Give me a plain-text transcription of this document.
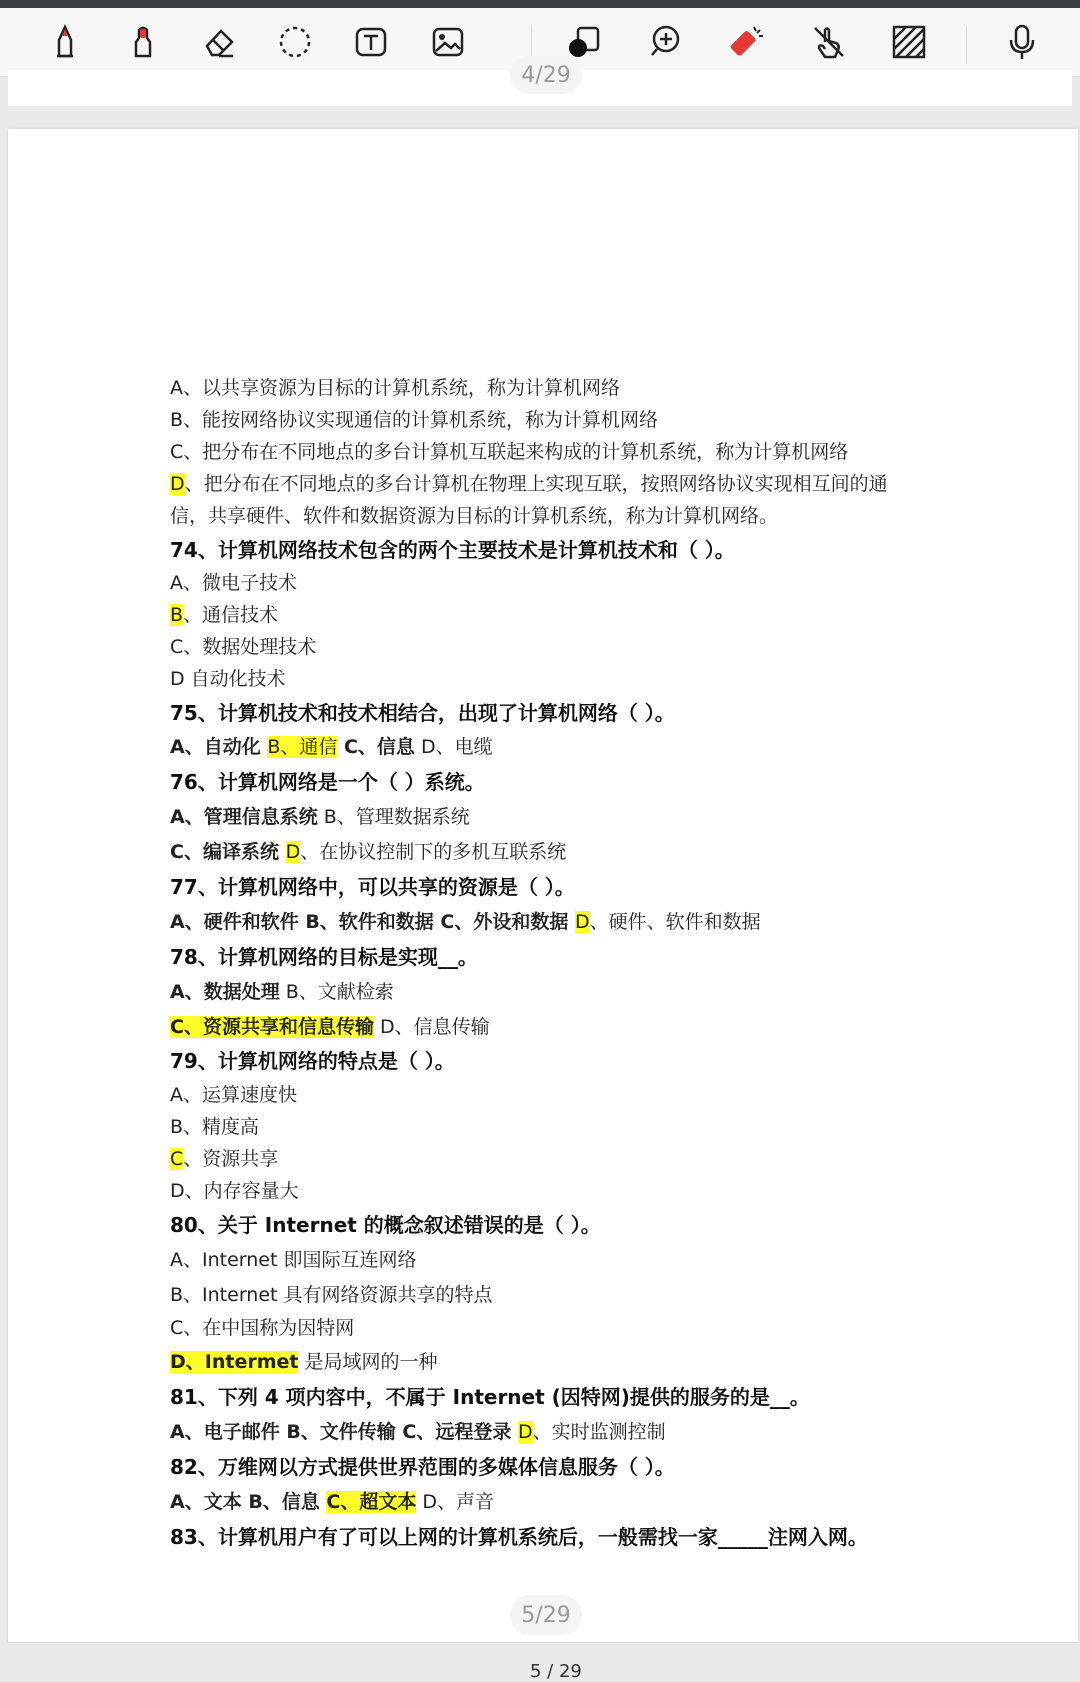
4/29
A、以共享资源为目标的计算机系统，称为计算机网络
B、能按网络协议实现通信的计算机系统，称为计算机网络
C、把分布在不同地点的多台计算机互联起来构成的计算机系统，称为计算机网络
D、把分布在不同地点的多台计算机在物理上实现互联，按照网络协议实现相互间的通
信，共享硬件、软件和数据资源为目标的计算机系统，称为计算机网络。
74、计算机网络技术包含的两个主要技术是计算机技术和（ ）。
A、微电子技术
B、通信技术
C、数据处理技术
D 自动化技术
75、计算机技术和技术相结合，出现了计算机网络（ ）。
A、自动化 B、通信 C、信息 D、电缆
76、计算机网络是一个（ ）系统。
A、管理信息系统 B、管理数据系统
C、编译系统 D、在协议控制下的多机互联系统
77、计算机网络中，可以共享的资源是（ ）。
A、硬件和软件 B、软件和数据 C、外设和数据 D、硬件、软件和数据
78、计算机网络的目标是实现__。
A、数据处理 B、文献检索
C、资源共享和信息传输 D、信息传输
79、计算机网络的特点是（ ）。
A、运算速度快
B、精度高
C、资源共享
D、内存容量大
80、关于 Internet 的概念叙述错误的是（ ）。
A、Internet 即国际互连网络
B、Internet 具有网络资源共享的特点
C、在中国称为因特网
D、Intermet 是局域网的一种
81、下列 4 项内容中，不属于 Internet (因特网)提供的服务的是__。
A、电子邮件 B、文件传输 C、远程登录 D、实时监测控制
82、万维网以方式提供世界范围的多媒体信息服务（ ）。
A、文本 B、信息 C、超文本 D、声音
83、计算机用户有了可以上网的计算机系统后，一般需找一家_____注网入网。
5 / 29
5/29
